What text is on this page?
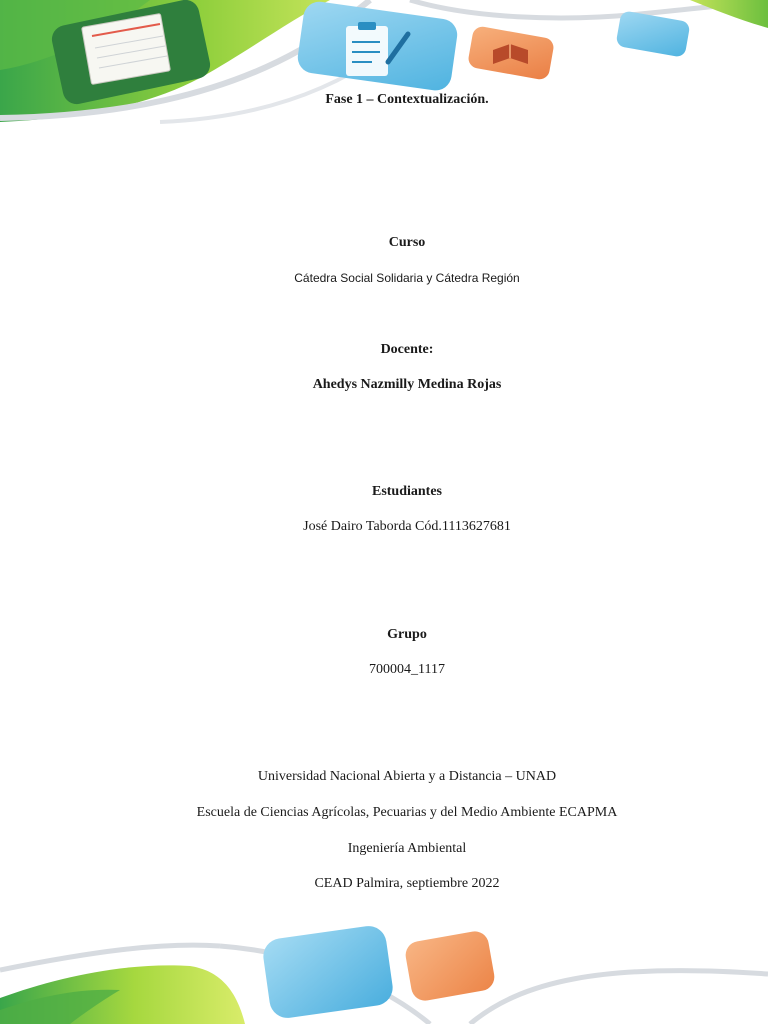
Fase 1 – Contextualización.
Curso
Cátedra Social Solidaria y Cátedra Región
Docente:
Ahedys Nazmilly Medina Rojas
Estudiantes
José Dairo Taborda Cód.1113627681
Grupo
700004_1117
Universidad Nacional Abierta y a Distancia – UNAD
Escuela de Ciencias Agrícolas, Pecuarias y del Medio Ambiente ECAPMA
Ingeniería Ambiental
CEAD Palmira, septiembre 2022
